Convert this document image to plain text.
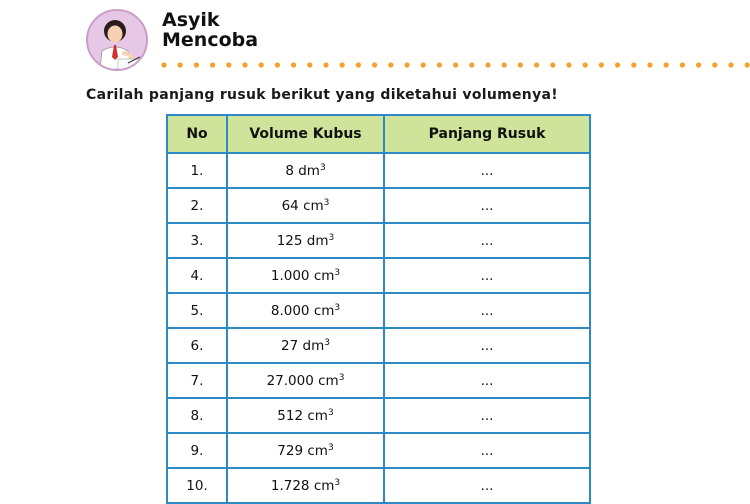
Asyik
Mencoba
Carilah panjang rusuk berikut yang diketahui volumenya!
No	Volume Kubus	Panjang Rusuk
1.	8 $dm^3$	...
2.	64 $cm^3$	...
3.	125 $dm^3$	...
4.	1.000 $cm^3$	...
5.	8.000 $cm^3$	...
6.	27 $dm^3$	...
7.	27.000 $cm^3$	...
8.	512 $cm^3$	...
9.	729 $cm^3$	...
10.	1.728 $cm^3$	...
